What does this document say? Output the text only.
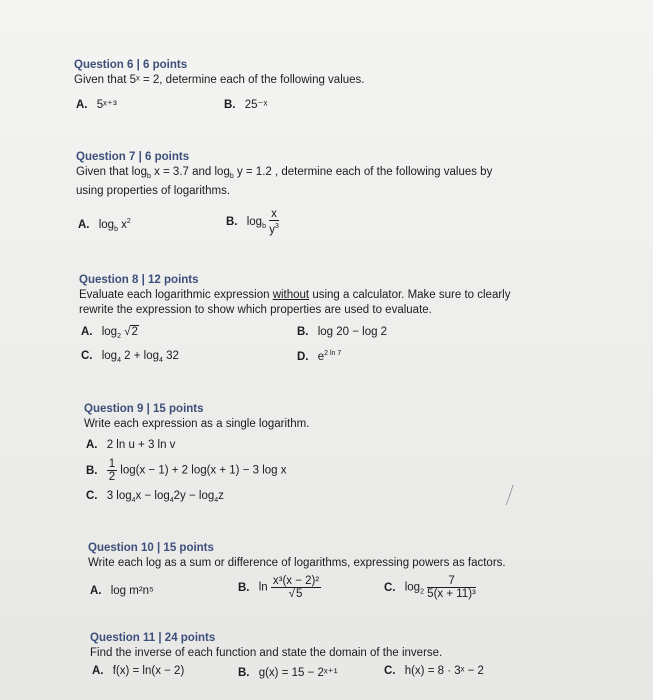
Question 6 | 6 points
Given that 5ˣ = 2, determine each of the following values.
A. 5ˣ⁺³	B. 25⁻ˣ
Question 7 | 6 points
Given that $\log_b x = 3.7$ and $\log_b y = 1.2$ , determine each of the following values by
using properties of logarithms.
A. $\log_b x^2$	B. $\log_b \frac{x}{y^3}$
Question 8 | 12 points
Evaluate each logarithmic expression without using a calculator. Make sure to clearly
rewrite the expression to show which properties are used to evaluate.
A. $\log_2 √2$	B. log 20 − log 2
C. $\log_4 2 + \log_4 32$	D. $e^{2 ln 7}$
Question 9 | 15 points
Write each expression as a single logarithm.
A. 2 ln u + 3 ln v
B. $\frac{1}{2} \log(x - 1) + 2$ log(x + 1) − 3 log x
C. 3 $\log_4x - \log_42y - \log_4z$
Question 10 | 15 points
Write each log as a sum or difference of logarithms, expressing powers as factors.
A. log m²n⁵	B. $\ln \frac{\text{x³(x − 2)²}}{√5}$	C. $\log_2 \frac{7}{\text{5(x + 11)³}}$
Question 11 | 24 points
Find the inverse of each function and state the domain of the inverse.
A. f(x) = ln(x − 2)	B. g(x) = 15 − 2ˣ⁺¹	C. h(x) = 8 · 3ˣ − 2
